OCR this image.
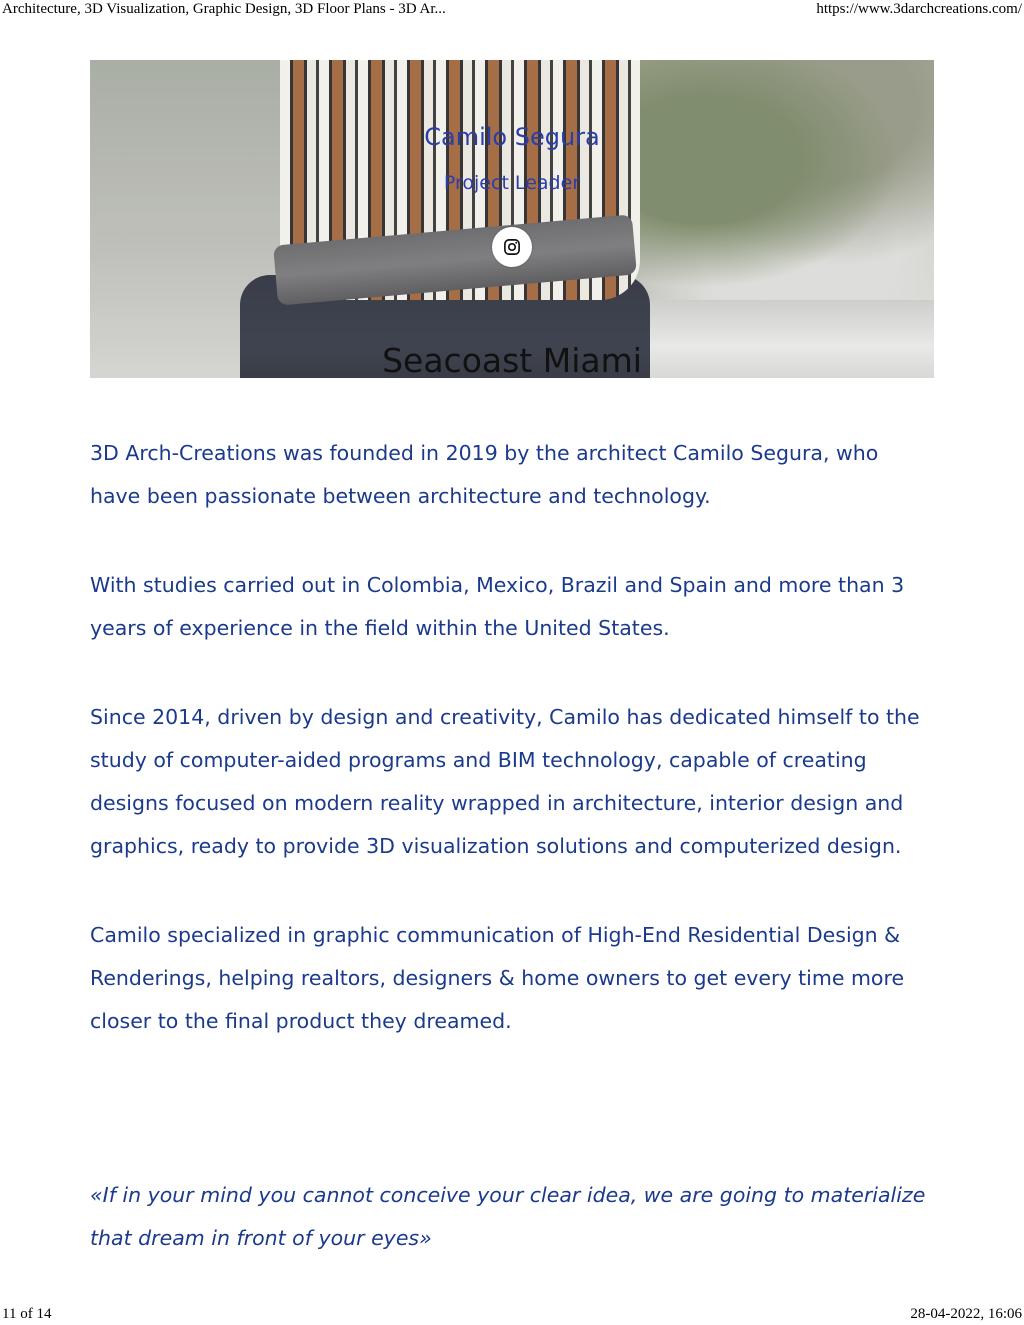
Architecture, 3D Visualization, Graphic Design, 3D Floor Plans - 3D Ar...	https://www.3darchcreations.com/
Camilo Segura
Project Leader
Seacoast Miami

3D Arch-Creations was founded in 2019 by the architect Camilo Segura, who have been passionate between architecture and technology.

With studies carried out in Colombia, Mexico, Brazil and Spain and more than 3 years of experience in the field within the United States.

Since 2014, driven by design and creativity, Camilo has dedicated himself to the study of computer-aided programs and BIM technology, capable of creating designs focused on modern reality wrapped in architecture, interior design and graphics, ready to provide 3D visualization solutions and computerized design.

Camilo specialized in graphic communication of High-End Residential Design & Renderings, helping realtors, designers & home owners to get every time more closer to the final product they dreamed.

«If in your mind you cannot conceive your clear idea, we are going to materialize that dream in front of your eyes»
11 of 14	28-04-2022, 16:06
